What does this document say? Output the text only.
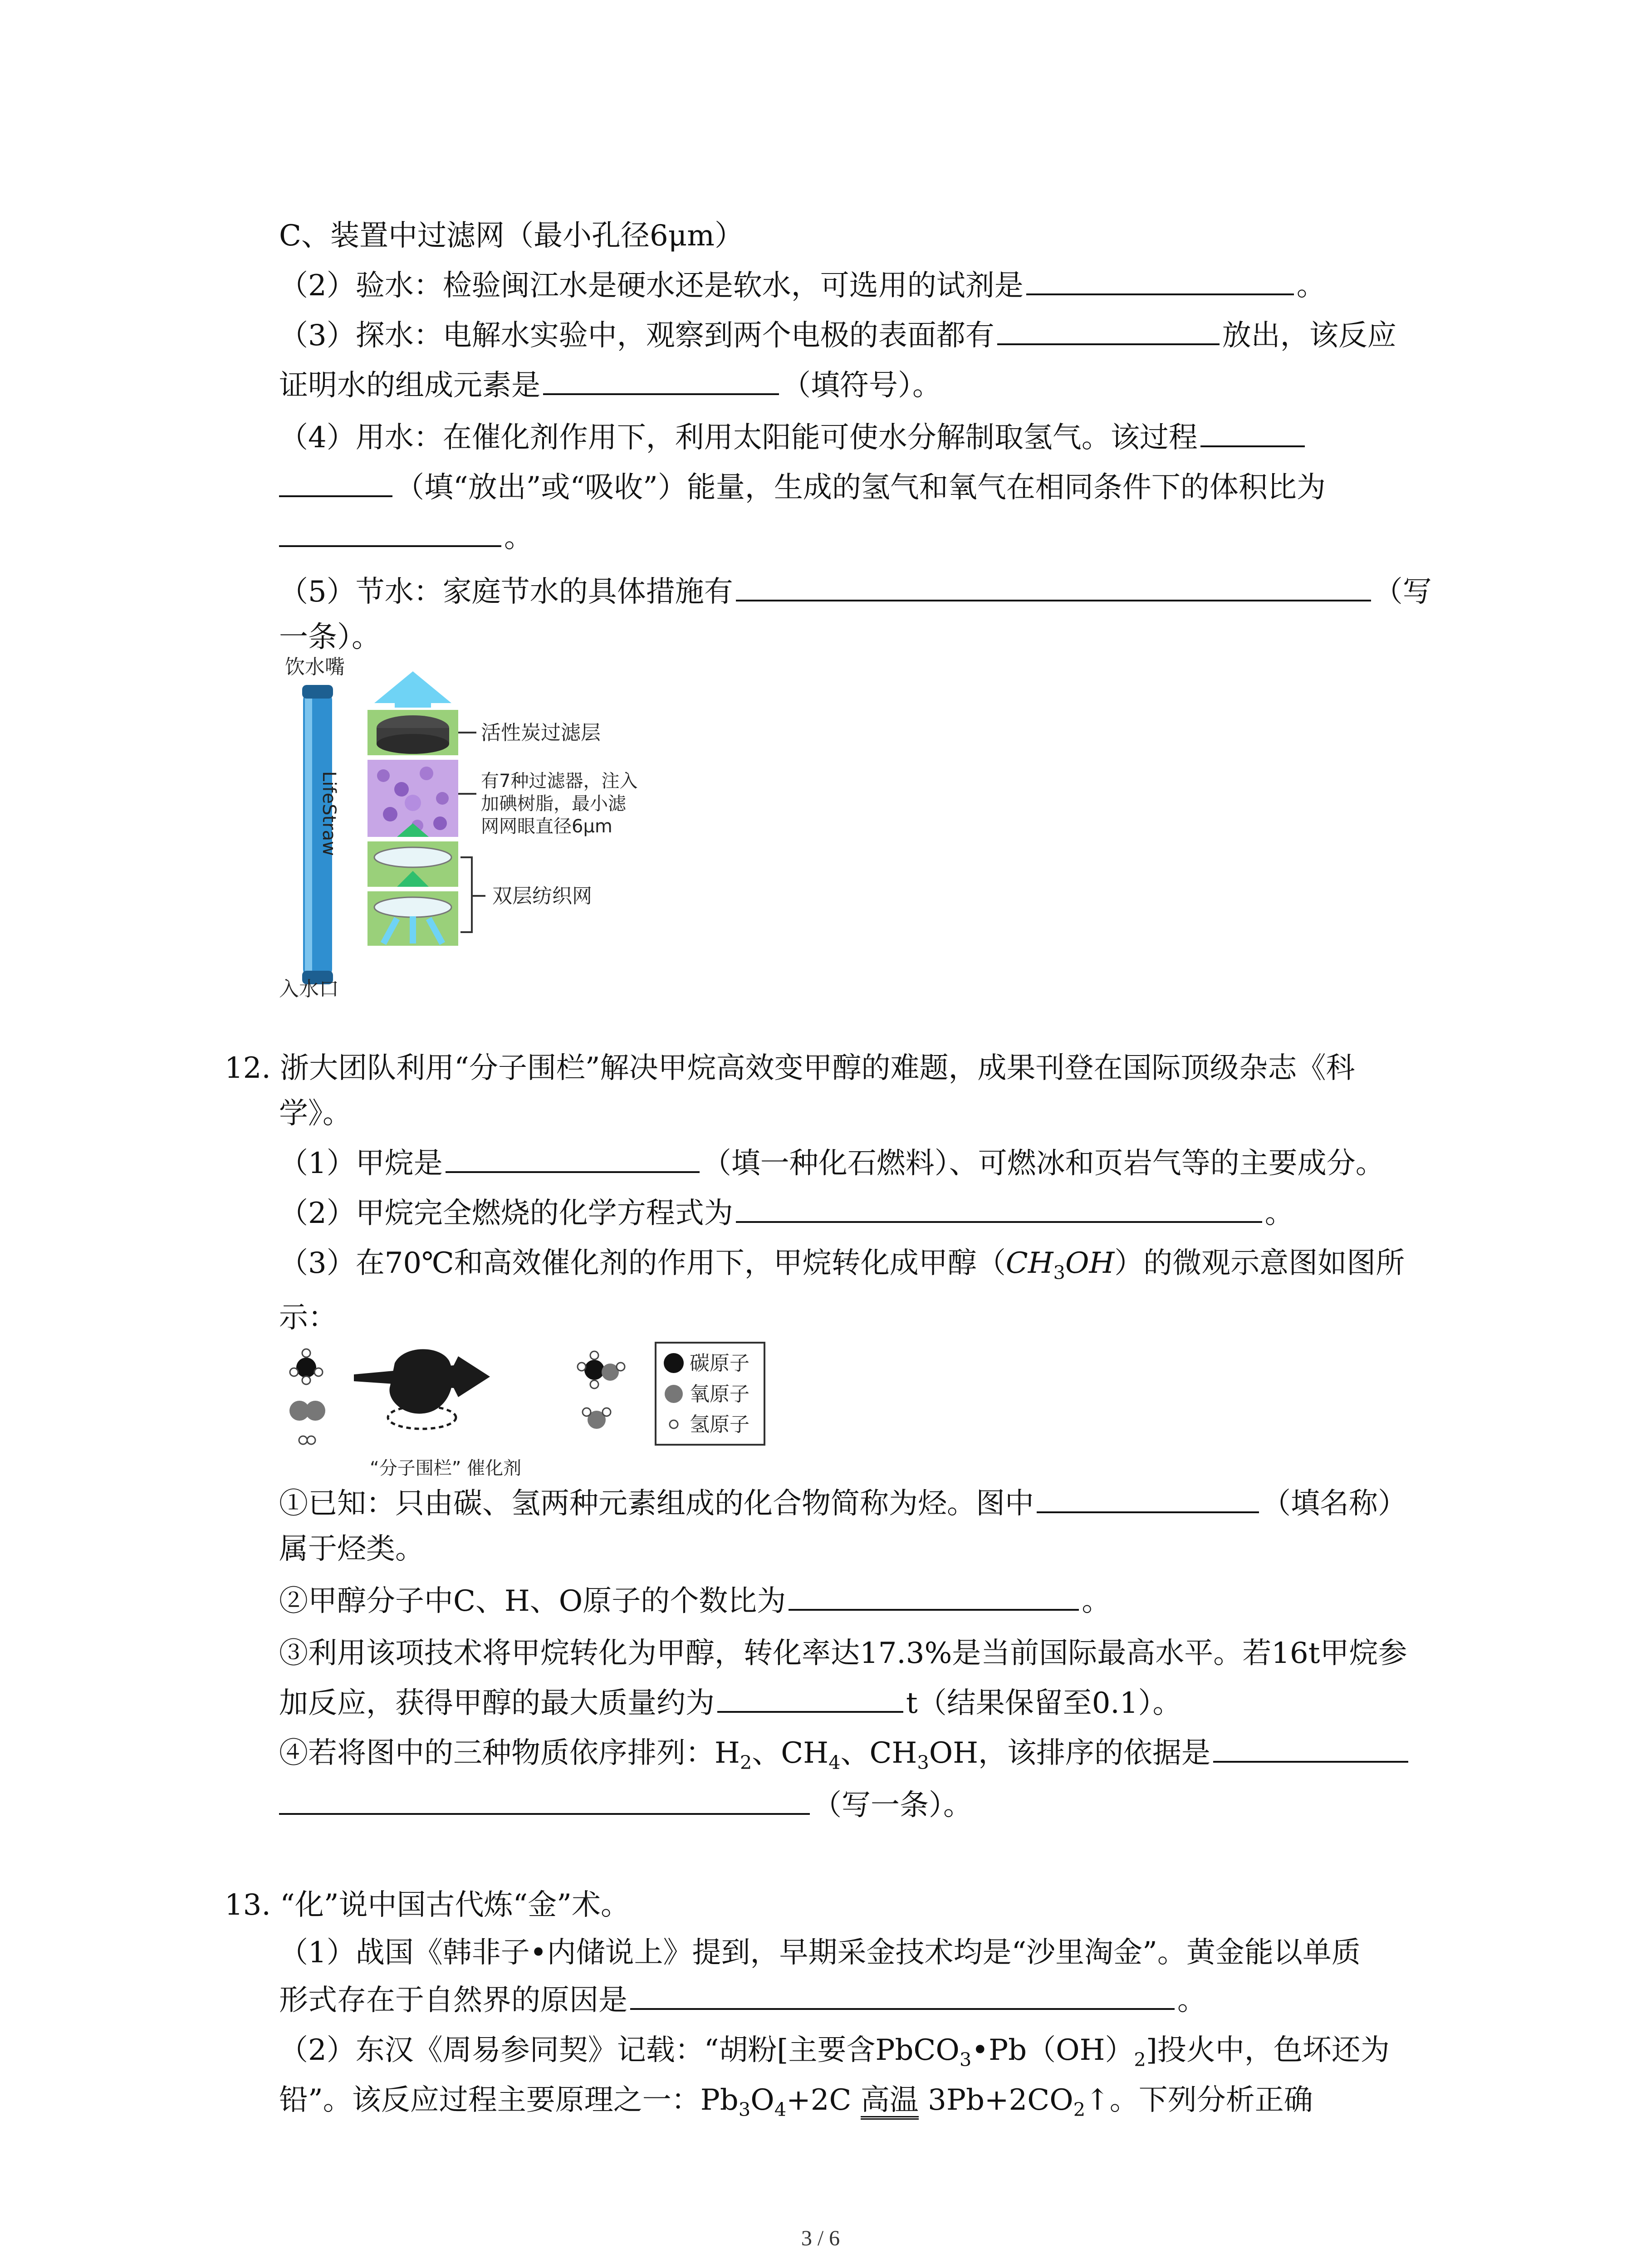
C、装置中过滤网（最小孔径6μm）
（2）验水：检验闽江水是硬水还是软水，可选用的试剂是	。
（3）探水：电解水实验中，观察到两个电极的表面都有	放出，该反应
证明水的组成元素是	（填符号）。
（4）用水：在催化剂作用下，利用太阳能可使水分解制取氢气。该过程
（填“放出”或“吸收”）能量，生成的氢气和氧气在相同条件下的体积比为
。
（5）节水：家庭节水的具体措施有	（写
一条）。
饮水嘴
LifeStraw
活性炭过滤层
有7种过滤器，注入
加碘树脂，最小滤
网网眼直径6μm
双层纺织网
入水口
12. 浙大团队利用“分子围栏”解决甲烷高效变甲醇的难题，成果刊登在国际顶级杂志《科
学》。
（1）甲烷是	（填一种化石燃料）、可燃冰和页岩气等的主要成分。
（2）甲烷完全燃烧的化学方程式为	。
（3）在70℃和高效催化剂的作用下，甲烷转化成甲醇$(CH_3OH)$的微观示意图如图所
示：
“分子围栏” 催化剂
碳原子
氧原子
氢原子
①已知：只由碳、氢两种元素组成的化合物简称为烃。图中	（填名称）
属于烃类。
②甲醇分子中C、H、O原子的个数比为	。
③利用该项技术将甲烷转化为甲醇，转化率达17.3%是当前国际最高水平。若16t甲烷参
加反应，获得甲醇的最大质量约为	t（结果保留至0.1）。
④若将图中的三种物质依序排列：$H_2$、$CH_4$、$CH_3OH$，该排序的依据是
（写一条）。
13. “化”说中国古代炼“金”术。
（1）战国《韩非子•内储说上》提到，早期采金技术均是“沙里淘金”。黄金能以单质
形式存在于自然界的原因是	。
（2）东汉《周易参同契》记载：“胡粉[主要含$PbCO_3•Pb(OH)_2$]投火中，色坏还为
铅”。该反应过程主要原理之一：$Pb_3O_4+2C$ 高温 $3Pb+2CO_2↑$。下列分析正确
3 / 6
